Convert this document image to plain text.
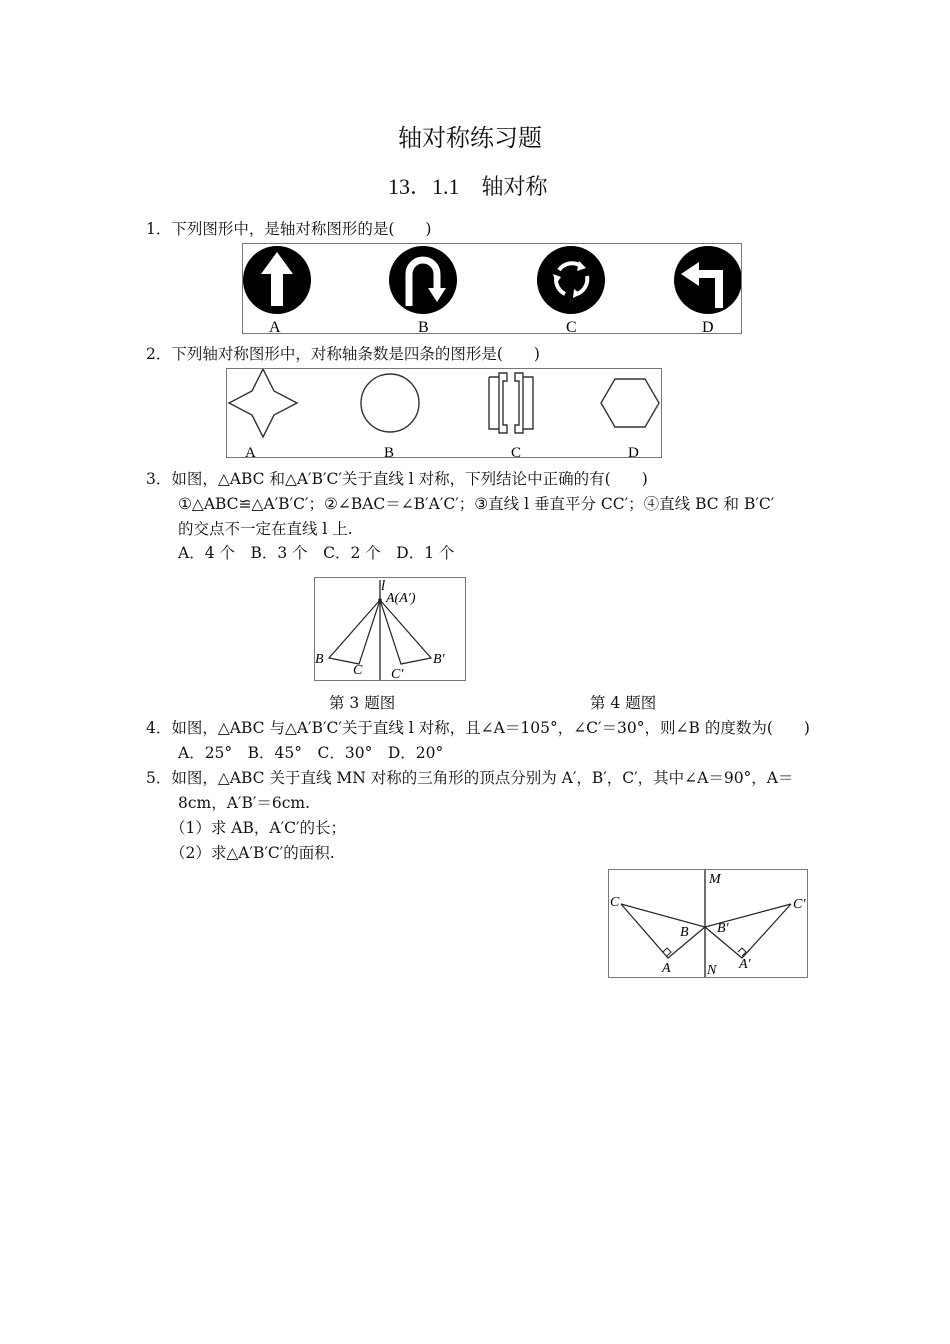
轴对称练习题
13．1.1　轴对称
1．下列图形中，是轴对称图形的是(　　)
A	B	C	D
2．下列轴对称图形中，对称轴条数是四条的图形是(　　)
A	B	C	D
3．如图，△ABC 和△A′B′C′关于直线 l 对称，下列结论中正确的有(　　)
①△ABC≌△A′B′C′；②∠BAC＝∠B′A′C′；③直线 l 垂直平分 CC′；④直线 BC 和 B′C′
的交点不一定在直线 l 上.
A．4 个　B．3 个　C．2 个　D．1 个
l
A(A′)
B
C C′
B′
第 3 题图	第 4 题图
4．如图，△ABC 与△A′B′C′关于直线 l 对称，且∠A＝105°，∠C′＝30°，则∠B 的度数为(　　)
A．25°　B．45°　C．30°　D．20°
5．如图，△ABC 关于直线 MN 对称的三角形的顶点分别为 A′，B′，C′，其中∠A＝90°，A＝
8cm，A′B′＝6cm.
（1）求 AB，A′C′的长；
（2）求△A′B′C′的面积.
M
N
C
B
A
C′
B′
A′
